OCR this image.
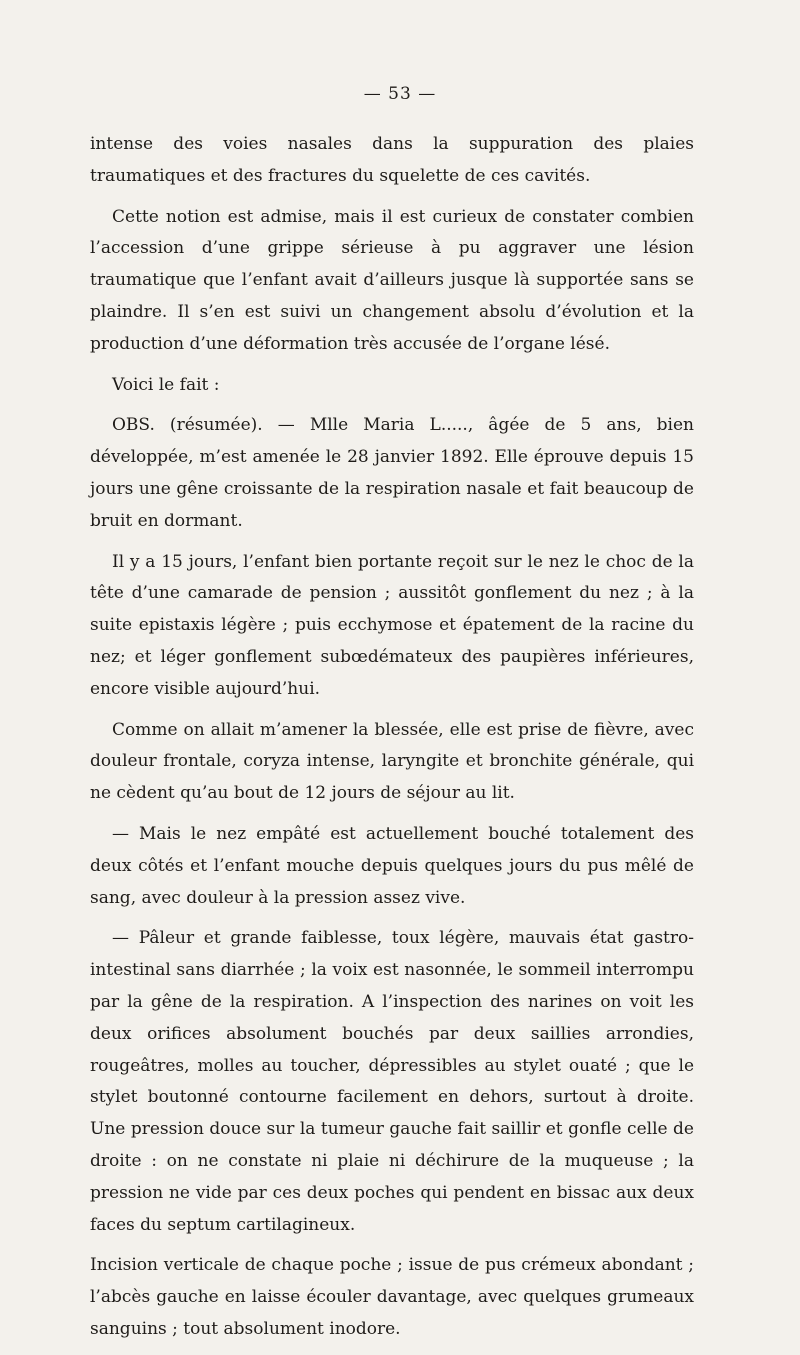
— 53 —

intense des voies nasales dans la suppuration des plaies traumatiques et des fractures du squelette de ces cavités.

Cette notion est admise, mais il est curieux de constater combien l’accession d’une grippe sérieuse à pu aggraver une lésion traumatique que l’enfant avait d’ailleurs jusque là supportée sans se plaindre. Il s’en est suivi un changement absolu d’évolution et la production d’une déformation très accusée de l’organe lésé.

Voici le fait :

OBS. (résumée). — Mlle Maria L....., âgée de 5 ans, bien développée, m’est amenée le 28 janvier 1892. Elle éprouve depuis 15 jours une gêne croissante de la respiration nasale et fait beaucoup de bruit en dormant.

Il y a 15 jours, l’enfant bien portante reçoit sur le nez le choc de la tête d’une camarade de pension ; aussitôt gonflement du nez ; à la suite epistaxis légère ; puis ecchymose et épatement de la racine du nez; et léger gonflement subœdémateux des paupières inférieures, encore visible aujourd’hui.

Comme on allait m’amener la blessée, elle est prise de fièvre, avec douleur frontale, coryza intense, laryngite et bronchite générale, qui ne cèdent qu’au bout de 12 jours de séjour au lit.

— Mais le nez empâté est actuellement bouché totalement des deux côtés et l’enfant mouche depuis quelques jours du pus mêlé de sang, avec douleur à la pression assez vive.

— Pâleur et grande faiblesse, toux légère, mauvais état gastro-intestinal sans diarrhée ; la voix est nasonnée, le sommeil interrompu par la gêne de la respiration. A l’inspection des narines on voit les deux orifices absolument bouchés par deux saillies arrondies, rougeâtres, molles au toucher, dépressibles au stylet ouaté ; que le stylet boutonné contourne facilement en dehors, surtout à droite. Une pression douce sur la tumeur gauche fait saillir et gonfle celle de droite : on ne constate ni plaie ni déchirure de la muqueuse ; la pression ne vide par ces deux poches qui pendent en bissac aux deux faces du septum cartilagineux.

Incision verticale de chaque poche ; issue de pus crémeux abondant ; l’abcès gauche en laisse écouler davantage, avec quelques grumeaux sanguins ; tout absolument inodore.
